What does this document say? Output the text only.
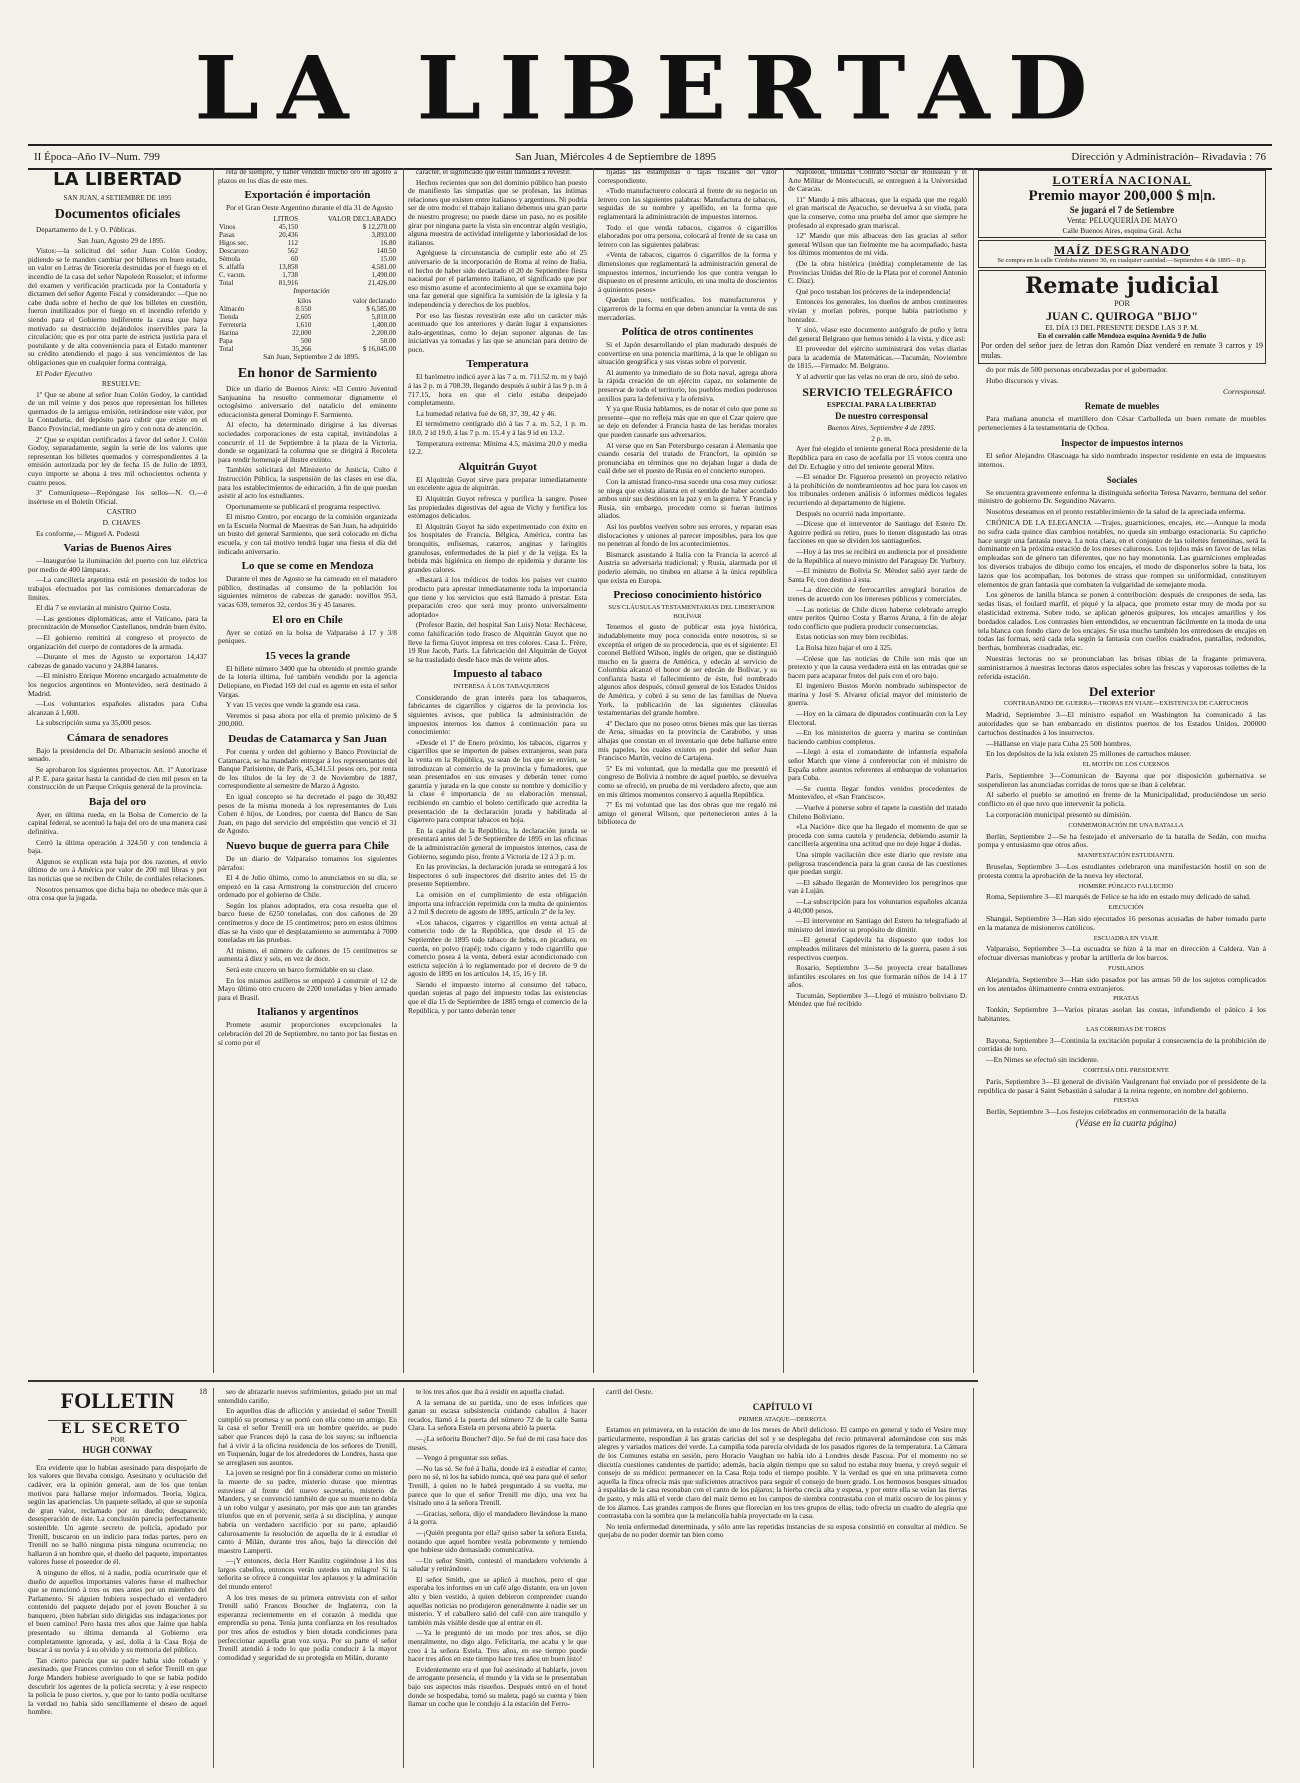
LA LIBERTAD
II Época–Año IV–Num. 799	San Juan, Miércoles 4 de Septiembre de 1895	Dirección y Administración– Rivadavia : 76
LA LIBERTAD

SAN JUAN, 4 SETIEMBRE DE 1895

Documentos oficiales

Departamento de I. y O. Públicas.

San Juan, Agosto 29 de 1895.

Vistos:—la solicitud del señor Juan Colón Godoy, pidiendo se le manden cambiar por billetes en buen estado, un valor en Letras de Tesorería destruidas por el fuego en el incendio de la casa del señor Napoleón Rosselot; el informe del examen y verificación practicada por la Contaduría y dictamen del señor Agente Fiscal y considerando: —Que no cabe duda sobre el hecho de que los billetes en cuestión, fueron inutilizados por el fuego en el incendio referido y siendo para el Gobierno indiferente la causa que haya motivado su destrucción dejándolos inservibles para la circulación; que es por otra parte de estricta justicia para el postulante y de alta conveniencia para el Estado mantener su crédito atendiendo el pago á sus vencimientos de las obligaciones que en cualquier forma contraiga,

El Poder Ejecutivo

RESUELVE:

1º Que se abone al señor Juan Colón Godoy, la cantidad de un mil veinte y dos pesos que representan los billetes quemados de la antigua emisión, retirándose este valor, por la Contaduría, del depósito para cubrir que existe en el Banco Provincial, mediante un giro y con nota de atención.

2º Que se expidan certificados á favor del señor J. Colón Godoy, separadamente, según la serie de los valores que representan los billetes quemados y correspondientes á la emisión autorizada por ley de fecha 15 de Julio de 1893, cuyo importe se abona á tres mil ochocientos ochenta y cuatro pesos.

3º Comuníquese—Repóngase los sellos—N. O.—é insértese en el Boletín Oficial.

CASTRO

D. CHAVES

Es conforme,— Miguel A. Podestá

Varias de Buenos Aires

—Inauguróse la iluminación del puerto con luz eléctrica por medio de 400 lámparas.

—La cancillería argentina está en posesión de todos los trabajos efectuados por las comisiones demarcadoras de límites.

El día 7 se enviarán al ministro Quirno Costa.

—Las gestiones diplomáticas, ante el Vaticano, para la preconización de Monseñor Castellanos, tendrán buen éxito.

—El gobierno remitirá al congreso el proyecto de organización del cuerpo de contadores de la armada.

—Durante el mes de Agosto se exportaron 14,437 cabezas de ganado vacuno y 24,884 lanares.

—El ministro Enrique Moreno encargado actualmente de los negocios argentinos en Montevideo, será destinado á Madrid.

—Los voluntarios españoles alistados para Cuba alcanzan á 1,600.

La subscripción suma ya 35,000 pesos.

Cámara de senadores

Bajo la presidencia del Dr. Albarracín sesionó anoche el senado.

Se aprobaron los siguientes proyectos. Art. 1º Autorízase al P. E. para gastar hasta la cantidad de cien mil pesos en la construcción de un Parque Cróquis general de la provincia.

Baja del oro

Ayer, en última rueda, en la Bolsa de Comercio de la capital federal, se acentuó la baja del oro de una manera casi definitiva.

Cerró la última operación á 324.50 y con tendencia á baja.

Algunos se explican esta baja por dos razones, el envío último de oro á América por valor de 200 mil libras y por las noticias que se reciben de Chile, de cordiales relaciones.

Nosotros pensamos que dicha baja no obedece más que á otra cosa que la jugada.

reta de siempre, y haber vendido mucho oro en agosto á plazos en los días de este mes.

Exportación é importación

Por el Gran Oeste Argentino durante el día 31 de Agosto

	LITROS	VALOR DECLARADO
Vinos	45,150	$ 12,270.00
Pasas	20,436	3,893.00
Higos sec.	112	16.80
Descarozo	562	140.50
Sémola	60	15.00
S. alfalfa	13,858	4,581.00
C. vacun.	1,738	1,490.00
Total	81,916	21,426.00

Importación

	kilos	valor declarado
Almacén	8.550	$ 6,585.00
Tienda	2,605	5,810.00
Ferretería	1,610	1,400.00
Harina	22,000	2,200.00
Papa	500	50.00
Total	35,266	$ 16,045.00

San Juan, Septiembre 2 de 1895.

En honor de Sarmiento

Dice un diario de Buenos Aires: «El Centro Juventud Sanjuanina ha resuelto conmemorar dignamente el octogésimo aniversario del natalicio del eminente educacionista general Domingo F. Sarmiento.

Al efecto, ha determinado dirigirse á las diversas sociedades corporaciones de esta capital, invitándolas á concurrir el 11 de Septiembre á la plaza de la Victoria, donde se organizará la columna que se dirigirá á Recoleta para rendir homenaje al ilustre extinto.

También solicitará del Ministerio de Justicia, Culto é Instrucción Pública, la suspensión de las clases en ese día, para los establecimientos de educación, á fin de que puedan asistir al acto los estudiantes.

Oportunamente se publicará el programa respectivo.

El mismo Centro, por encargo de la comisión organizada en la Escuela Normal de Maestras de San Juan, ha adquirido un busto del general Sarmiento, que será colocado en dicha escuela, y con tal motivo tendrá lugar una fiesta el día del indicado aniversario.

Lo que se come en Mendoza

Durante el mes de Agosto se ha carneado en el matadero público, destinadas al consumo de la población los siguientes números de cabezas de ganado: novillos 953, vacas 639, terneros 32, cerdos 36 y 45 lanares.

El oro en Chile

Ayer se cotizó en la bolsa de Valparaíso á 17 y 3/8 peniques.

15 veces la grande

El billete número 3400 que ha obtenido el premio grande de la lotería última, fué también vendido por la agencia Deliepiane, en Piedad 169 del cual es agente en esta el señor Vargas.

Y van 15 veces que vende la grande esa casa.

Veremos si pasa ahora por ella el premio próximo de $ 200,000.

Deudas de Catamarca y San Juan

Por cuenta y orden del gobierno y Banco Provincial de Catamarca, se ha mandado entregar á los representantes del Banque Parisienne, de París, 45,341.51 pesos oro, por renta de los títulos de la ley de 3 de Noviembre de 1887, correspondiente al semestre de Marzo á Agosto.

En igual concepto se ha decretado el pago de 30,492 pesos de la misma moneda á los representantes de Luis Cohen é hijos, de Londres, por cuenta del Banco de San Juan, en pago del servicio del empréstito que venció el 31 de Agosto.

Nuevo buque de guerra para Chile

De un diario de Valparaíso tomamos los siguientes párrafos:

El 4 de Julio último, como lo anunciamos en su día, se empezó en la casa Armstrong la construcción del crucero ordenado por el gobierno de Chile.

Según los planos adoptados, era cosa resuelta que el barco fuese de 6250 toneladas, con dos cañones de 20 centímetros y doce de 15 centímetros; pero en estos últimos días se ha visto que el desplazamiento se aumentaba á 7000 toneladas en las pruebas.

Al mismo, el número de cañones de 15 centímetros se aumenta á diez y seis, en vez de doce.

Será este crucero un barco formidable en su clase.

En los mismos astilleros se empezó á construir el 12 de Mayo último otro crucero de 2200 toneladas y bien armado para el Brasil.

Italianos y argentinos

Promete asumir proporciones excepcionales la celebración del 20 de Septiembre, no tanto por las fiestas en sí como por el

carácter, el significado que están llamadas á revestir.

Hechos recientes que son del dominio público han puesto de manifiesto las simpatías que se profesan, las íntimas relaciones que existen entre italianos y argentinos. Ni podría ser de otro modo: el trabajo italiano debemos una gran parte de nuestro progreso; no puede darse un paso, no es posible girar por ninguna parte la vista sin encontrar algún vestigio, alguna muestra de actividad inteligente y laboriosidad de los italianos.

Agréguese la circunstancia de cumplir este año el 25 aniversario de la incorporación de Roma al reino de Italia, el hecho de haber sido declarado el 20 de Septiembre fiesta nacional por el parlamento italiano, el significado que por eso mismo asume el acontecimiento al que se examina bajo una faz general que significa la sumisión de la iglesia y la independencia y derechos de los pueblos.

Por eso las fiestas revestirán este año un carácter más acentuado que los anteriores y darán lugar á expansiones ítalo-argentinas, como lo dejan suponer algunas de las iniciativas ya tomadas y las que se anuncian para dentro de poco.

Temperatura

El barómetro indicó ayer á las 7 a. m. 711.52 m. m y bajó á las 2 p. m á 708.39, llegando después á subir á las 9 p. m á 717.15, hora en que el cielo estaba despejado completamente.

La humedad relativa fué de 68, 37, 39, 42 y 46.

El termómetro centígrado dió á las 7 a. m. 5.2, 1 p. m. 18.0, 2 id 19.0, á las 7 p. m. 15.4 y á las 9 id en 13.2.

Temperatura extrema: Mínima 4.5, máxima 20.0 y media 12.2.

Alquitrán Guyot

El Alquitrán Guyot sirve para preparar inmediatamente un excelente agua de alquitrán.

El Alquitrán Guyot refresca y purifica la sangre. Posee las propiedades digestivas del agua de Vichy y fortifica los estómagos delicados.

El Alquitrán Guyot ha sido experimentado con éxito en los hospitales de Francia, Bélgica, América, contra las bronquitis, enfisemas, catarros, anginas y laringitis granulosas, enfermedades de la piel y de la vejiga. Es la bebida más higiénica en tiempo de epidemia y durante los grandes calores.

«Bastará á los médicos de todos los países ver cuanto producto para aprestar inmediatamente toda la importancia que tiene y los servicios que está llamado á prestar. Esta preparación creo que será muy pronto universalmente adoptado»

(Profesor Bazin, del hospital San Luis) Nota: Rechácese, como falsificación todo frasco de Alquitrán Guyot que no lleve la firma Guyot impresa en tres colores. Casa L. Frère, 19 Rue Jacob, París. La fabricación del Alquitrán de Guyot se ha trasladado desde hace más de veinte años.

Impuesto al tabaco

INTERESA Á LOS TABAQUEROS

Considerando de gran interés para los tabaqueros, fabricantes de cigarrillos y cigarros de la provincia los siguientes avisos, que publica la administración de impuestos internos los damos á continuación para su conocimiento:

«Desde el 1º de Enero próximo, los tabacos, cigarros y cigarrillos que se importen de países extranjeros, sean para la venta en la República, ya sean de los que se envíen, se introduzcan al comercio de la provincia y fumadores, que sean presentados en sus envases y deberán tener como garantía y jurada en la que conste su nombre y domicilio y la clase é importancia de su elaboración mensual, recibiendo en cambio el boleto certificado que acredita la presentación de la declaración jurada y habilitada al cigarrero para comprar tabacos en hoja.

En la capital de la República, la declaración jurada se presentará antes del 5 de Septiembre de 1895 en las oficinas de la administración general de impuestos internos, casa de Gobierno, segundo piso, frente á Victoria de 12 á 3 p. m.

En las provincias, la declaración jurada se entregará á los Inspectores ó sub inspectores del distrito antes del 15 de presente Septiembre.

La omisión en el cumplimiento de esta obligación importa una infracción reprimida con la multa de quinientos á 2 mil $ decreto de agosto de 1895, artículo 2º de la ley.

«Los tabacos, cigarros y cigarrillos en venta actual al comercio todo de la República, que desde el 15 de Septiembre de 1895 todo tabaco de hebra, en picadura, en cuerda, en polvo (rapé); todo cigarro y todo cigarrillo que comercio posea á la venta, deberá estar acondicionado con estricta sujeción á lo reglamentado por el decreto de 9 de agosto de 1895 en los artículos 14, 15, 16 y 18.

Siendo el impuesto interno al consumo del tabaco, quedan sujetas al pago del impuesto todas las existencias que el día 15 de Septiembre de 1885 tenga el comercio de la República, y por tanto deberán tener

fijadas las estampillas ó fajas fiscales del valor correspondiente.

«Todo manufacturero colocará al frente de su negocio un letrero con las siguientes palabras: Manufactura de tabacos, seguidas de su nombre y apellido, en la forma que reglamentará la administración de impuestos internos.

Todo el que venda tabacos, cigarros ó cigarrillos elaborados por otra persona, colocará al frente de su casa un letrero con las siguientes palabras:

«Venta de tabacos, cigarros ó cigarrillos de la forma y dimensiones que reglamentará la administración general de impuestos internos, incurriendo los que contra vengan lo dispuesto en el presente artículo, en una multa de doscientos á quinientos pesos»

Quedan pues, notificados, los manufactureros y cigarreros de la forma en que deben anunciar la venta de sus mercaderías.

Política de otros continentes

Si el Japón desarrollando el plan madurado después de convertirse en una potencia marítima, á la que le obligan su situación geográfica y sus vistas sobre el porvenir.

Al aumento ya inmediato de su flota naval, agrega ahora la rápida creación de un ejército capaz, no solamente de preservar de todo el territorio, los pueblos medios poderosos auxilios para la defensiva y la ofensiva.

Y ya que Rusia hablamos, es de notar el celo que pone su presente—que no refleja más que en que el Czar quiere que se deje en defender á Francia hasta de las heridas morales que pueden causarle sus adversarios.

Al verse que en San Petersburgo cesaran á Alemania que cuando cesaría del tratado de Francfort, la opinión se pronunciaba en términos que no dejaban lugar a duda de cuál debe ser el puesto de Rusia en el concierto europeo.

Con la amistad franco-rusa sucede una cosa muy curiosa: se niega que exista alianza en el sentido de haber acordado ambos unir sus destinos en la paz y en la guerra. Y Francia y Rusia, sin embargo, proceden como si fueran íntimos aliados.

Así los pueblos vuelven sobre sus errores, y reparan esas dislocaciones y uniones al parecer imposibles, para los que no penetran al fondo de los acontecimientos.

Bismarck asustando á Italia con la Francia la acercó al Austria su adversaria tradicional; y Rusia, alarmada por el poderío alemán, no titubea en aliarse á la única república que exista en Europa.

Precioso conocimiento histórico

SUS CLÁUSULAS TESTAMENTARIAS DEL LIBERTADOR BOLÍVAR

Tenemos el gusto de publicar esta joya histórica, indudablemente muy poca conocida entre nosotros, si se exceptúa el origen de su procedencia, que es el siguiente: El coronel Belford Wilson, inglés de origen, que se distinguió mucho en la guerra de América, y edecán al servicio de Colombia alcanzó el honor de ser edecán de Bolívar, y su confianza hasta el fallecimiento de éste, fué nombrado algunos años después, cónsul general de los Estados Unidos de América, y cobró á su seno de las familias de Nueva York, la publicación de las siguientes cláusulas testamentarias del grande hombre.

4º Declaro que no poseo otros bienes más que las tierras de Aroa, situadas en la provincia de Carabobo, y unas alhajas que constan en el inventario que debe hallarse entre mis papeles, los cuales existen en poder del señor Juan Francisco Martín, vecino de Cartajena.

5º Es mi voluntad, que la medalla que me presentó el congreso de Bolivia á nombre de aquel pueblo, se devuelva como se ofreció, en prueba de mi verdadero afecto, que aun en mis últimos momentos conservo á aquella República.

7º Es mi voluntad que las dos obras que me regaló mi amigo el general Wilson, que pertenecieron antes á la biblioteca de

Napoleón, tituladas Contrato Social de Rousseau y el Arte Militar de Montecuculi, se entreguen á la Universidad de Caracas.

11º Mando á mis albaceas, que la espada que me regaló el gran mariscal de Ayacucho, se devuelva á su viuda, para que la conserve, como una prueba del amor que siempre he profesado al expresado gran mariscal.

12º Mando que mis albaceas den las gracias al señor general Wilson que tan fielmente me ha acompañado, hasta los últimos momentos de mi vida.

(De la obra histórica (inédita) completamente de las Provincias Unidas del Río de la Plata por el coronel Antonio C. Díaz).

Qué poco testaban los próceres de la independencia!

Entonces los generales, los dueños de ambos continentes vivían y morían pobres, porque había patriotismo y honradez.

Y sinó, véase este documento autógrafo de puño y letra del general Belgrano que hemos tenido á la vista, y dice así:

El proveedor del ejército suministrará dos velas diarias para la academia de Matemáticas.—Tucumán, Noviembre de 1815.—Firmado: M. Belgrano.

Y al advertir que las velas no eran de oro, sinó de sebo.

SERVICIO TELEGRÁFICO

ESPECIAL PARA LA LIBERTAD

De nuestro corresponsal

Buenos Aires, Septiembre 4 de 1895.

2 p. m.

Ayer fué elegido el teniente general Roca presidente de la República para en caso de acefalía por 15 votos contra uno del Dr. Echagüe y otro del teniente general Mitre.

—El senador Dr. Figueroa presentó un proyecto relativo á la prohibición de nombramientos ad hoc para los casos en los tribunales ordenen análisis ó informes médicos legales recurriendo al departamento de higiene.

Después no ocurrió nada importante.

—Dícese que el interventor de Santiago del Estero Dr. Aguirre pedirá su retiro, pues lo tienen disgustado las otras facciones en que se dividen los santiagueños.

—Hoy á las tres se recibirá en audiencia por el presidente de la República al nuevo ministro del Paraguay Dr. Yurbury.

—El ministro de Bolivia Sr. Méndez salió ayer tarde de Santa Fé, con destino á esta.

—La dirección de ferrocarriles arreglará horarios de trenes de acuerdo con los intereses públicos y comerciales.

—Las noticias de Chile dicen haberse celebrado arreglo entre peritos Quirno Costa y Barros Arana, á fin de alejar todo conflicto que pudiera producir consecuencias.

Estas noticias son muy bien recibidas.

La Bolsa hizo bajar el oro á 325.

—Créese que las noticias de Chile son más que un pretexto y que la causa verdadera está en las entradas que se hacen para acaparar frutos del país con el oro bajo.

El ingeniero Bustos Morón nombrado subinspector de marina y José S. Alvarez oficial mayor del ministerio de guerra.

—Hoy en la cámara de diputados continuarán con la Ley Electoral.

—En los ministerios de guerra y marina se continúan haciendo cambios completos.

—Llegó á esta el comandante de infantería española señor March que viene á conferenciar con el ministro de España sobre asuntos referentes al embarque de voluntarios para Cuba.

—Se cuenta llegar fondos venidos procedentes de Montevideo, el «San Francisco».

—Vuelve á ponerse sobre el tapete la cuestión del tratado Chileno Boliviano.

«La Nación» dice que ha llegado el momento de que se proceda con suma cautela y prudencia, debiendo asumir la cancillería argentina una actitud que no deje lugar á dudas.

Una simple vacilación dice este diario que reviste una peligrosa trascendencia para la gran causa de las cuestiones que puedan surgir.

—El sábado llegarán de Montevideo los peregrinos que van á Luján.

—La subscripción para los voluntarios españoles alcanza á 40,000 pesos.

—El interventor en Santiago del Estero ha telegrafiado al ministro del interior su propósito de dimitir.

—El general Capdevila ha dispuesto que todos los empleados militares del ministerio de la guerra, pasen á sus respectivos cuerpos.

Rosario, Septiembre 3—Se proyecta crear batallones infantiles escolares en los que formarán niños de 14 á 17 años.

Tucumán, Septiembre 3—Llegó el ministro boliviano D. Méndez que fué recibido

LOTERÍA NACIONAL
Premio mayor 200,000 $ m|n.
Se jugará el 7 de Setiembre
Venta: PELUQUERÍA DE MAYO
Calle Buenos Aires, esquina Gral. Acha
MAÍZ DESGRANADO
Se compra en la calle Córdoba número 30, en cualquier cantidad.—Septiembre 4 de 1895—8 p.
Remate judicial
POR
JUAN C. QUIROGA "BIJO"
EL DÍA 13 DEL PRESENTE DESDE LAS 3 P. M.
En el corralón calle Mendoza esquina Avenida 9 de Julio
Por orden del señor juez de letras don Ramón Díaz venderé en remate 3 carros y 19 mulas.

do por más de 500 personas encabezadas por el gobernador.

Hubo discursos y vivas.

Corresponsal.

Remate de muebles

Para mañana anuncia el martillero don César Carballeda un buen remate de muebles pertenecientes á la testamentaria de Ochoa.

Inspector de impuestos internos

El señor Alejandro Olascoaga ha sido nombrado inspector residente en esta de impuestos internos.

Sociales

Se encuentra gravemente enferma la distinguida señorita Teresa Navarro, hermana del señor ministro de gobierno Dr. Segundino Navarro.

Nosotros deseamos en el pronto restablecimiento de la salud de la apreciada enferma.

CRÓNICA DE LA ELEGANCIA —Trajes, guarniciones, encajes, etc.—Aunque la moda no sufra cada quince días cambios notables, no queda sin embargo estacionaria. Su capricho hace surgir una fantasía nueva. La nota clara, en el conjunto de las toilettes femeninas, será la dominante en la próxima estación de los meses calurosos. Los tejidos más en favor de las telas empleadas son de género tan diferentes, que no hay monotonía. Las guarniciones empleadas los diversos trabajos de dibujo como los encajes, el modo de disponerlos sobre la bata, los lazos que los acompañan, los botones de strass que rompen su uniformidad, constituyen elementos de gran fantasía que combaten la vulgaridad de semejante moda.

Los géneros de lanilla blanca se ponen á contribución: después de crespones de seda, las sedas lisas, el foulard marfil, el piqué y la alpaca, que promete estar muy de moda por su elasticidad extrema. Sobre todo, se aplican géneros guipures, los encajes amarillos y los bordados calados. Los contrastes bien entendidos, se encuentran fácilmente en la moda de una tela blanca con fondo claro de los encajes. Se usa mucho también los entredoses de encajes en todas las formas, será cada tela según la fantasía con cuellos cuadrados, pantallas, redondos, berthas, hombreras cuadradas, etc.

Nuestras lectoras no se pronunciaban las brisas tibias de la fragante primavera, suministrarnos á nuestras lectoras datos especiales sobre las frescas y vaporosas toilettes de la referida estación.

Del exterior

CONTRABANDO DE GUERRA—TROPAS EN VIAJE—EXISTENCIA DE CARTUCHOS

Madrid, Septiembre 3—El ministro español en Washington ha comunicado á las autoridades que se han embarcado en distintos puertos de los Estados Unidos, 200000 cartuchos destinados á los insurrectos.

—Hállanse en viaje para Cuba 25 500 hombres.

En los depósitos de la isla existen 25 millones de cartuchos máuser.

EL MOTÍN DE LOS CUERNOS

París, Septiembre 3—Comunican de Bayona que por disposición gubernativa se suspendieron las anunciadas corridas de toros que se iban á celebrar.

Al saberlo el pueblo se amotinó en frente de la Municipalidad, produciéndose un serio conflicto en el que tuvo que intervenir la policía.

La corporación municipal presentó su dimisión.

CONMEMORACIÓN DE UNA BATALLA

Berlín, Septiembre 2—Se ha festejado el aniversario de la batalla de Sedán, con mucha pompa y entusiasmo que otros años.

MANIFESTACIÓN ESTUDIANTIL

Bruselas, Septiembre 3—Los estudiantes celebraron una manifestación hostil en son de protesta contra la aprobación de la nueva ley electoral.

HOMBRE PÚBLICO FALLECIDO

Roma, Septiembre 3—El marqués de Felice se ha ido en estado muy delicado de salud.

EJECUCIÓN

Shangai, Septiembre 3—Han sido ejecutados 16 personas acusadas de haber tomado parte en la matanza de misioneros católicos.

ESCUADRA EN VIAJE

Valparaíso, Septiembre 3—La escuadra se hizo á la mar en dirección á Caldera. Van á efectuar diversas maniobras y probar la artillería de los barcos.

FUSILADOS

Alejandría, Septiembre 3—Han sido pasados por las armas 50 de los sujetos complicados en los atentados últimamente contra extranjeros.

PIRATAS

Tonkin, Septiembre 3—Varios piratas asolan las costas, infundiendo el pánico á los habitantes.

LAS CORRIDAS DE TOROS

Bayona, Septiembre 3—Continúa la excitación popular á consecuencia de la prohibición de corridas de toro.

—En Nimes se efectuó sin incidente.

CORTESÍA DEL PRESIDENTE

París, Septiembre 3—El general de división Vaulgrenant fué enviado por el presidente de la república de pasar á Saint Sebastián á saludar á la reina regente, en nombre del gobierno.

FIESTAS

Berlín, Septiembre 3—Los festejos celebrados en conmemoración de la batalla

(Véase en la cuarta página)

FOLLETIN	18

EL SECRETO

POR

HUGH CONWAY

Era evidente que lo habían asesinado para despojarlo de los valores que llevaba consigo. Asesinato y ocultación del cadáver, era la opinión general, aun de los que tenían motivos para hallarse mejor informados. Teoría, lógica, según las apariencias. Un paquete sellado, al que se suponía de gran valor, reclamado por su dueño; desapareció; desesperación de éste. La conclusión parecía perfectamente sostenible. Un agente secreto de policía, apodado por Trenill, buscaron en un indicio para todas partes, pero en Trenill no se halló ninguna pista ninguna ocurrencia; no hallaron á un hombre que, el dueño del paquete, importantes valores fuese el poseedor de él.

A ninguno de ellos, ni á nadie, podía ocurrírsele que el dueño de aquellos importantes valores fuese el malhechor que se mencionó á tres os mes antes por un miembro del Parlamento. Si alguien hubiera sospechado el verdadero contenido del paquete dejado por el joven Boucher á su banquero, ¡bien habrían sido dirigidas sus indagaciones por el buen camino! Pero hasta tres años que Jaime que había presentado su última demanda al Gobierno era completamente ignorada, y así, dolía á la Casa Roja de buscar á su novia y á su olvido y su memoria del público.

Tan cierto parecía que su padre había sido robado y asesinado, que Frances convino con el señor Trenill en que Jorge Manders hubiese averiguado lo que se había podido descubrir los agentes de la policía secreta; y á ese respecto la policía le puso ciertos, y, que por lo tanto podía ocultarse la verdad no había sido sencillamente el deseo de aquel hombre.

seo de abrazarle nuevos sufrimientos, guiado por un mal entendido cariño.

En aquellos días de aflicción y ansiedad el señor Trenill cumplió su promesa y se portó con ella como un amigo. En la casa el señor Trenill era un hombre querido, se pudo saber que Frances dejó la casa de los suyos; su influencia fué á vivir á la oficina residencia de los señores de Trenill, en Tuquenán, lugar de los alrededores de Londres, hasta que se arreglasen sus asuntos.

La joven se resignó por fin á considerar como un misterio la muerte de su padre, misterio durase que mientras estuviese al frente del nuevo secretario, misterio de Manders, y se convenció también de que su muerte no debía á un robo vulgar y asesinato, por más que aun tan grandes triunfos que en el porvenir, sería á su disciplina, y aunque habría un verdadero sacrificio por su parte, aplaudió calurosamente la resolución de aquella de ir á estudiar el canto á Milán, durante tres años, bajo la dirección del maestro Lamperti.

—¡Y entonces, decía Herr Kaulitz cogiéndose á los dos largos cabellos, entonces verán ustedes un milagro! Si la señorita se ofrece á conquistar los aplausos y la admiración del mundo entero!

A los tres meses de su primera entrevista con el señor Trenill salió Frances Boucher de Inglaterra, con la esperanza recientemente en el corazón á medida que emprendía su pena. Tenía junta confianza en los resultados por tres años de estudios y bien dotada condiciones para perfeccionar aquella gran voz suya. Por su parte el señor Trenill atendió á todo lo que podía conducir á la mayor comodidad y seguridad de su protegida en Milán, durante

te los tres años que iba á residir en aquella ciudad.

A la semana de su partida, uno de esos infelices que ganan su escasa subsistencia cuidando caballos á hacer recados, llamó á la puerta del número 72 de la calle Santa Clara. La señora Estela en persona abrió la puerta.

—¿La señorita Boucher? dijo. Se fué de mi casa hace dos meses.

—Vengo á preguntar sus señas.

—No las sé. Se fué á Italia, donde irá á estudiar el canto; pero no sé, ni los ha sabido nunca, qué sea para qué el señor Trenill, á quien no le habrá preguntado á su vuelta, me parece que lo que el señor Trenill me dijo, una vez ha visitado uno á la señora Trenill.

—Gracias, señora, dijo el mandadero llevándose la mano á la gorra.

—¡Quién pregunta por ella? quiso saber la señora Estela, notando que aquel hombre vestía pobremente y temiendo que hubiese sido demasiado comunicativa.

—Un señor Smith, contestó el mandadero volviendo á saludar y retirándose.

El señor Smith, que se aplicó á muchos, pero el que esperaba los informes en un café algo distante, era un joven alto y bien vestido, á quien debieron comprender cuando aquellas noticias no produjeron generalmente á nadie ser un misterio. Y el caballero salió del café con aire tranquilo y también más visible desde que al entrar en él.

—Ya le preguntó de un modo por tres años, se dijo mentalmente, no digo algo. Felicitaría, me acaba y le que creo á la señora Estela. Tres años, en ese tiempo puede hacer tres años en este tiempo hace tres años un buen listo!

Evidentemente era el que fué asesinado al hablarle, joven de arrogante presencia, el mundo y la vida se le presentaban bajo sus aspectos más risueños. Después entró en el hotel donde se hospedaba, tomó su maleta, pagó su cuenta y bien llamar un coche que le condujo á la estación del Ferro-

carril del Oeste.

CAPÍTULO VI

PRIMER ATAQUE—DERROTA

Estamos en primavera, en la estación de uno de los meses de Abril delicioso. El campo en general y todo el Vesire muy particularmente, respondían á las gratas caricias del sol y se desplegaba del recio primaveral adornándose con sus más alegres y variados matices del verde. La campiña toda parecía olvidada de los pasados rigores de la temperatura. La Cámara de los Comunes estaba en sesión, pero Horacio Vaughan no había ido á Londres desde Pascua. Por el momento no se discutía cuestiones candentes de partido; además, hacía algún tiempo que su salud no estaba muy buena, y creyó seguir el consejo de su médico: permanecer en la Casa Roja todo el tiempo posible. Y la verdad es que en una primavera como aquella la finca ofrecía más que suficientes atractivos para seguir el consejo de buen grado. Los hermosos bosques situados á espaldas de la casa resonaban con el canto de los pájaros; la hierba crecía alta y espesa, y por entre ella se veían las tierras de pasto, y más allá el verde claro del maíz tierno en los campos de siembra contrastaba con el matiz oscuro de los pinos y de los álamos. Las grandes campos de flores que florecían en los tres grupos de ellas, todo ofrecía un cuadro de alegría que contrastaba con la sombra que la melancolía había proyectado en la casa.

No tenía enfermedad determinada, y sólo ante las repetidas instancias de su esposa consintió en consultar al médico. Se quejaba de no poder dormir tan bien como
